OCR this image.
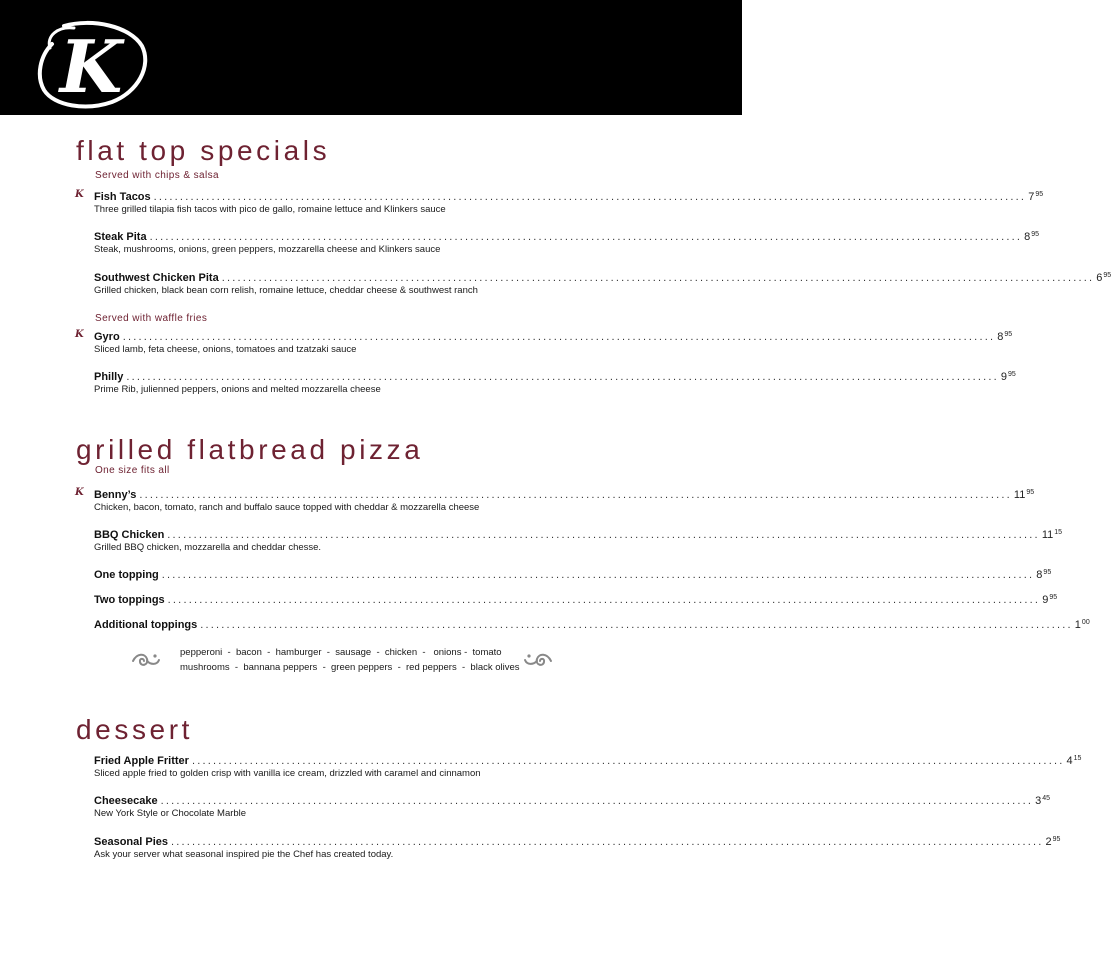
K
flat top specials
Served with chips & salsa
K Fish Tacos ...................................................................................................................................................................... $7^{95}$
Three grilled tilapia fish tacos with pico de gallo, romaine lettuce and Klinkers sauce
Steak Pita ...................................................................................................................................................................... $8^{95}$
Steak, mushrooms, onions, green peppers, mozzarella cheese and Klinkers sauce
Southwest Chicken Pita ...................................................................................................................................................................... $6^{95}$
Grilled chicken, black bean corn relish, romaine lettuce, cheddar cheese & southwest ranch
Served with waffle fries
K Gyro ...................................................................................................................................................................... $8^{95}$
Sliced lamb, feta cheese, onions, tomatoes and tzatzaki sauce
Philly ...................................................................................................................................................................... $9^{95}$
Prime Rib, julienned peppers, onions and melted mozzarella cheese
grilled flatbread pizza
One size fits all
K Benny’s ...................................................................................................................................................................... $11^{95}$
Chicken, bacon, tomato, ranch and buffalo sauce topped with cheddar & mozzarella cheese
BBQ Chicken ...................................................................................................................................................................... $11^{15}$
Grilled BBQ chicken, mozzarella and cheddar chesse.
One topping ...................................................................................................................................................................... $8^{95}$
Two toppings ...................................................................................................................................................................... $9^{95}$
Additional toppings ...................................................................................................................................................................... $1^{00}$
pepperoni  -  bacon  -  hamburger  -  sausage  -  chicken  -   onions -  tomato
mushrooms  -  bannana peppers  -  green peppers  -  red peppers  -  black olives
dessert
Fried Apple Fritter ...................................................................................................................................................................... $4^{15}$
Sliced apple fried to golden crisp with vanilla ice cream, drizzled with caramel and cinnamon
Cheesecake ...................................................................................................................................................................... $3^{45}$
New York Style or Chocolate Marble
Seasonal Pies ...................................................................................................................................................................... $2^{95}$
Ask your server what seasonal inspired pie the Chef has created today.
